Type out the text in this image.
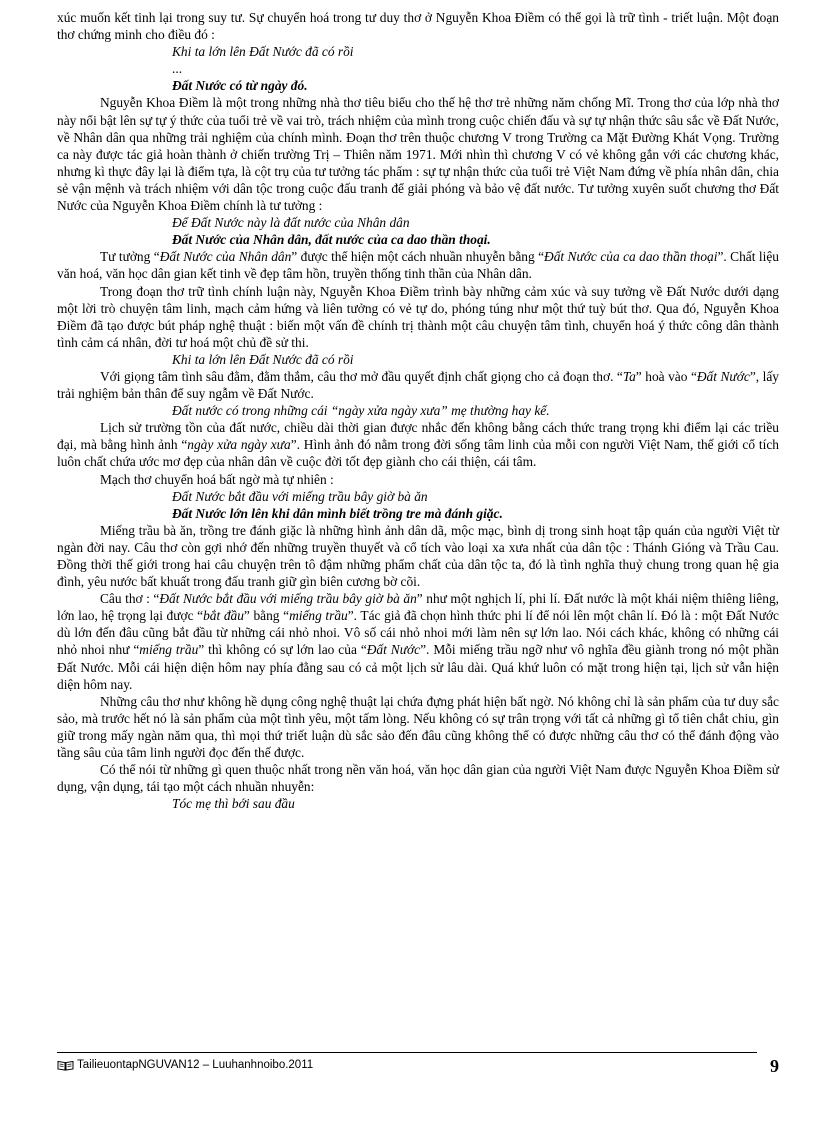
xúc muốn kết tinh lại trong suy tư. Sự chuyển hoá trong tư duy thơ ở Nguyễn Khoa Điềm có thể gọi là trữ tình - triết luận. Một đoạn thơ chứng minh cho điều đó :

Khi ta lớn lên Đất Nước đã có rồi

...

Đất Nước có từ ngày đó.

Nguyễn Khoa Điềm là một trong những nhà thơ tiêu biểu cho thế hệ thơ trẻ những năm chống Mĩ. Trong thơ của lớp nhà thơ này nổi bật lên sự tự ý thức của tuổi trẻ về vai trò, trách nhiệm của mình trong cuộc chiến đấu và sự tự nhận thức sâu sắc về Đất Nước, về Nhân dân qua những trải nghiệm của chính mình. Đoạn thơ trên thuộc chương V trong Trường ca Mặt Đường Khát Vọng. Trường ca này được tác giả hoàn thành ở chiến trường Trị – Thiên năm 1971. Mới nhìn thì chương V có vẻ không gắn với các chương khác, nhưng kì thực đây lại là điểm tựa, là cột trụ của tư tưởng tác phẩm : sự tự nhận thức của tuổi trẻ Việt Nam đứng về phía nhân dân, chia sẻ vận mệnh và trách nhiệm với dân tộc trong cuộc đấu tranh để giải phóng và bảo vệ đất nước. Tư tưởng xuyên suốt chương thơ Đất Nước của Nguyễn Khoa Điềm chính là tư tưởng :

Để Đất Nước này là đất nước của Nhân dân

Đất Nước của Nhân dân, đất nước của ca dao thần thoại.

Tư tưởng “Đất Nước của Nhân dân” được thể hiện một cách nhuần nhuyễn bằng “Đất Nước của ca dao thần thoại”. Chất liệu văn hoá, văn học dân gian kết tinh về đẹp tâm hồn, truyền thống tinh thần của Nhân dân.

Trong đoạn thơ trữ tình chính luận này, Nguyễn Khoa Điềm trình bày những cảm xúc và suy tưởng về Đất Nước dưới dạng một lời trò chuyện tâm linh, mạch cảm hứng và liên tưởng có vẻ tự do, phóng túng như một thứ tuỳ bút thơ. Qua đó, Nguyễn Khoa Điềm đã tạo được bút pháp nghệ thuật : biến một vấn đề chính trị thành một câu chuyện tâm tình, chuyển hoá ý thức công dân thành tình cảm cá nhân, đời tư hoá một chủ đề sử thi.

Khi ta lớn lên Đất Nước đã có rồi

Với giọng tâm tình sâu đằm, đằm thắm, câu thơ mở đầu quyết định chất giọng cho cả đoạn thơ. “Ta” hoà vào “Đất Nước”, lấy trải nghiệm bản thân để suy ngẫm về Đất Nước.

Đất nước có trong những cái “ngày xửa ngày xưa” mẹ thường hay kể.

Lịch sử trường tồn của đất nước, chiều dài thời gian được nhắc đến không bằng cách thức trang trọng khi điểm lại các triều đại, mà bằng hình ảnh “ngày xửa ngày xưa”. Hình ảnh đó nằm trong đời sống tâm linh của mỗi con người Việt Nam, thế giới cổ tích luôn chất chứa ước mơ đẹp của nhân dân về cuộc đời tốt đẹp giành cho cái thiện, cái tâm.

Mạch thơ chuyển hoá bất ngờ mà tự nhiên :

Đất Nước bắt đầu với miếng trầu bây giờ bà ăn

Đất Nước lớn lên khi dân mình biết trồng tre mà đánh giặc.

Miếng trầu bà ăn, trồng tre đánh giặc là những hình ảnh dân dã, mộc mạc, bình dị trong sinh hoạt tập quán của người Việt từ ngàn đời nay. Câu thơ còn gợi nhớ đến những truyền thuyết và cổ tích vào loại xa xưa nhất của dân tộc : Thánh Gióng và Trầu Cau. Đồng thời thế giới trong hai câu chuyện trên tô đậm những phẩm chất của dân tộc ta, đó là tình nghĩa thuỷ chung trong quan hệ gia đình, yêu nước bất khuất trong đấu tranh giữ gìn biên cương bờ cõi.

Câu thơ : “Đất Nước bắt đầu với miếng trầu bây giờ bà ăn” như một nghịch lí, phi lí. Đất nước là một khái niệm thiêng liêng, lớn lao, hệ trọng lại được “bắt đầu” bằng “miếng trầu”. Tác giả đã chọn hình thức phi lí để nói lên một chân lí. Đó là : một Đất Nước dù lớn đến đâu cũng bắt đầu từ những cái nhỏ nhoi. Vô số cái nhỏ nhoi mới làm nên sự lớn lao. Nói cách khác, không có những cái nhỏ nhoi như “miếng trầu” thì không có sự lớn lao của “Đất Nước”. Mỗi miếng trầu ngỡ như vô nghĩa đều giành trong nó một phần Đất Nước. Mỗi cái hiện diện hôm nay phía đằng sau có cả một lịch sử lâu dài. Quá khứ luôn có mặt trong hiện tại, lịch sử vẫn hiện diện hôm nay.

Những câu thơ như không hề dụng công nghệ thuật lại chứa đựng phát hiện bất ngờ. Nó không chỉ là sản phẩm của tư duy sắc sảo, mà trước hết nó là sản phẩm của một tình yêu, một tấm lòng. Nếu không có sự trân trọng với tất cả những gì tổ tiên chắt chiu, gìn giữ trong mấy ngàn năm qua, thì mọi thứ triết luận dù sắc sảo đến đâu cũng không thể có được những câu thơ có thể đánh động vào tầng sâu của tâm linh người đọc đến thế được.

Có thể nói từ những gì quen thuộc nhất trong nền văn hoá, văn học dân gian của người Việt Nam được Nguyễn Khoa Điềm sử dụng, vận dụng, tái tạo một cách nhuần nhuyễn:

Tóc mẹ thì bới sau đầu

TailieuontapNGUVAN12 – Luuhanhnoibo.2011	9
